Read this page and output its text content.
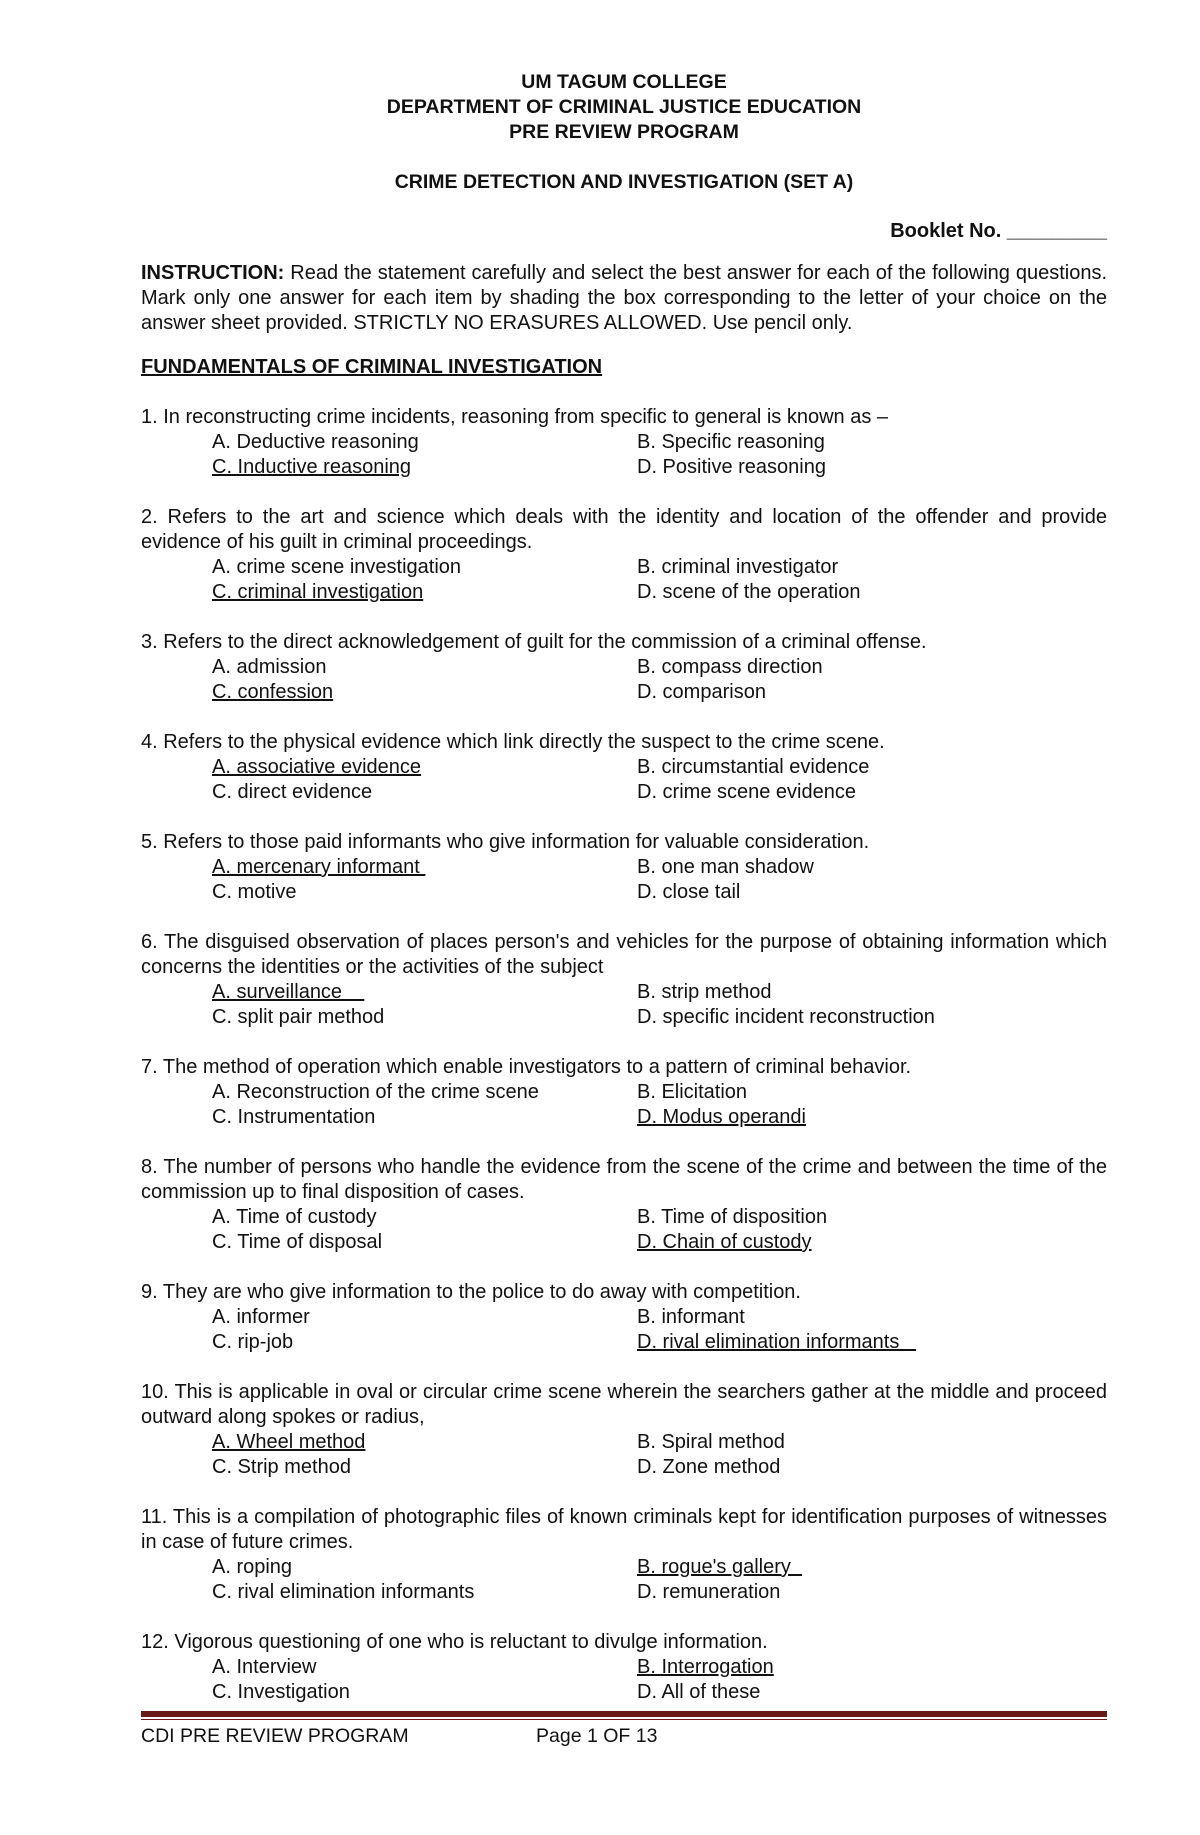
UM TAGUM COLLEGE
DEPARTMENT OF CRIMINAL JUSTICE EDUCATION
PRE REVIEW PROGRAM
CRIME DETECTION AND INVESTIGATION (SET A)
Booklet No. _________
INSTRUCTION: Read the statement carefully and select the best answer for each of the following questions. Mark only one answer for each item by shading the box corresponding to the letter of your choice on the answer sheet provided. STRICTLY NO ERASURES ALLOWED. Use pencil only.
FUNDAMENTALS OF CRIMINAL INVESTIGATION
1. In reconstructing crime incidents, reasoning from specific to general is known as –
A. Deductive reasoning	B. Specific reasoning
C. Inductive reasoning	D. Positive reasoning
2. Refers to the art and science which deals with the identity and location of the offender and provide evidence of his guilt in criminal proceedings.
A. crime scene investigation	B. criminal investigator
C. criminal investigation	D. scene of the operation
3. Refers to the direct acknowledgement of guilt for the commission of a criminal offense.
A. admission	B. compass direction
C. confession	D. comparison
4. Refers to the physical evidence which link directly the suspect to the crime scene.
A. associative evidence	B. circumstantial evidence
C. direct evidence	D. crime scene evidence
5. Refers to those paid informants who give information for valuable consideration.
A. mercenary informant	B. one man shadow
C. motive	D. close tail
6. The disguised observation of places person's and vehicles for the purpose of obtaining information which concerns the identities or the activities of the subject
A. surveillance	B. strip method
C. split pair method	D. specific incident reconstruction
7. The method of operation which enable investigators to a pattern of criminal behavior.
A. Reconstruction of the crime scene	B. Elicitation
C. Instrumentation	D. Modus operandi
8. The number of persons who handle the evidence from the scene of the crime and between the time of the commission up to final disposition of cases.
A. Time of custody	B. Time of disposition
C. Time of disposal	D. Chain of custody
9. They are who give information to the police to do away with competition.
A. informer	B. informant
C. rip-job	D. rival elimination informants
10. This is applicable in oval or circular crime scene wherein the searchers gather at the middle and proceed outward along spokes or radius,
A. Wheel method	B. Spiral method
C. Strip method	D. Zone method
11. This is a compilation of photographic files of known criminals kept for identification purposes of witnesses in case of future crimes.
A. roping	B. rogue's gallery
C. rival elimination informants	D. remuneration
12. Vigorous questioning of one who is reluctant to divulge information.
A. Interview	B. Interrogation
C. Investigation	D. All of these
CDI PRE REVIEW PROGRAM	Page 1 OF 13
